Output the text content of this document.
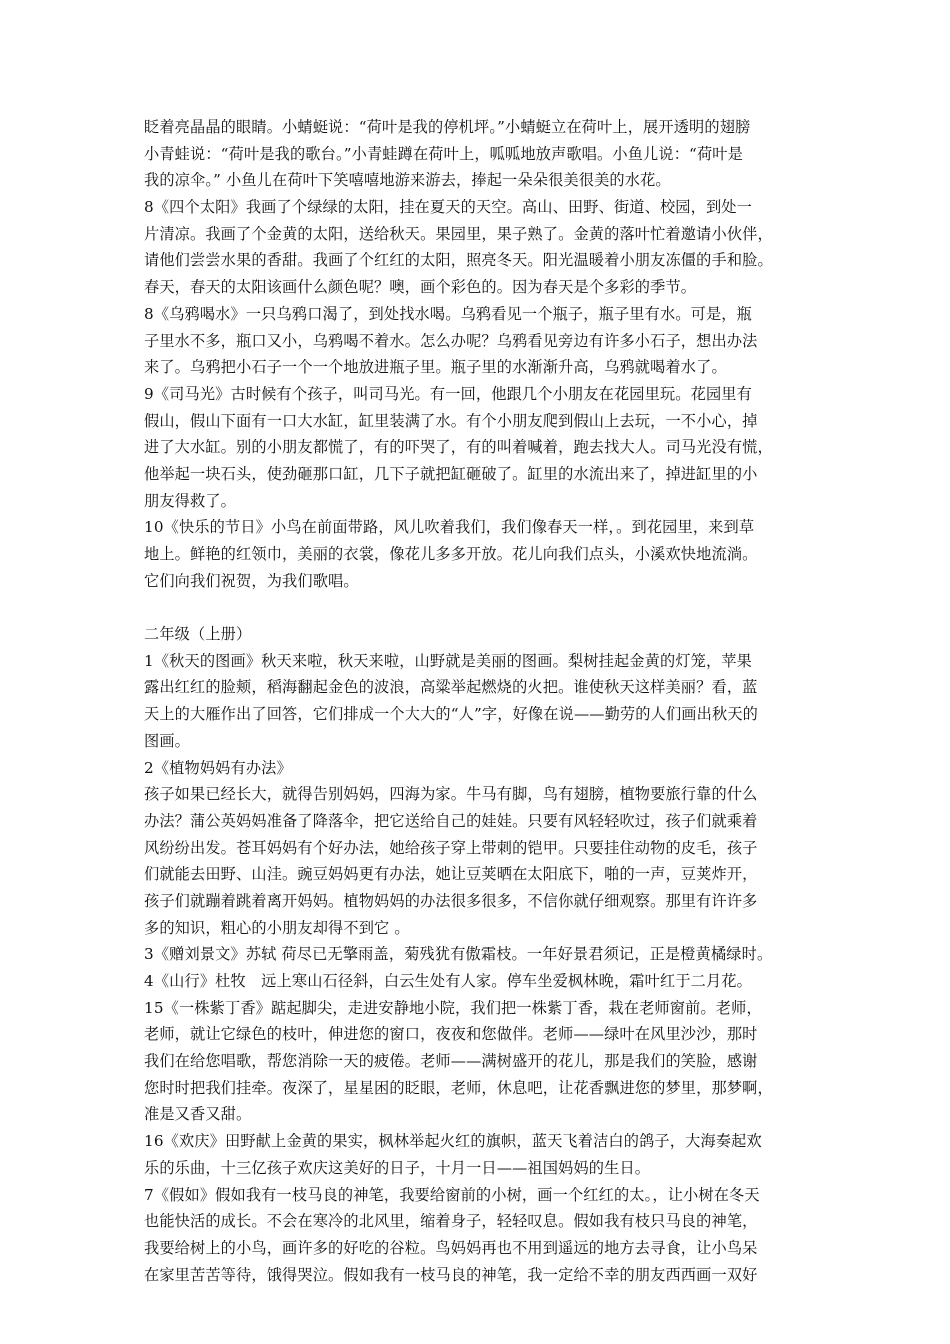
眨着亮晶晶的眼睛。小蜻蜓说：“荷叶是我的停机坪。”小蜻蜓立在荷叶上，展开透明的翅膀
小青蛙说：“荷叶是我的歌台。”小青蛙蹲在荷叶上，呱呱地放声歌唱。小鱼儿说：“荷叶是
我的凉伞。” 小鱼儿在荷叶下笑嘻嘻地游来游去，捧起一朵朵很美很美的水花。
8《四个太阳》我画了个绿绿的太阳，挂在夏天的天空。高山、田野、街道、校园，到处一
片清凉。我画了个金黄的太阳，送给秋天。果园里，果子熟了。金黄的落叶忙着邀请小伙伴，
请他们尝尝水果的香甜。我画了个红红的太阳，照亮冬天。阳光温暖着小朋友冻僵的手和脸。
春天，春天的太阳该画什么颜色呢？噢，画个彩色的。因为春天是个多彩的季节。
8《乌鸦喝水》一只乌鸦口渴了，到处找水喝。乌鸦看见一个瓶子，瓶子里有水。可是，瓶
子里水不多，瓶口又小，乌鸦喝不着水。怎么办呢？乌鸦看见旁边有许多小石子，想出办法
来了。乌鸦把小石子一个一个地放进瓶子里。瓶子里的水渐渐升高，乌鸦就喝着水了。
9《司马光》古时候有个孩子，叫司马光。有一回，他跟几个小朋友在花园里玩。花园里有
假山，假山下面有一口大水缸，缸里装满了水。有个小朋友爬到假山上去玩，一不小心，掉
进了大水缸。别的小朋友都慌了，有的吓哭了，有的叫着喊着，跑去找大人。司马光没有慌，
他举起一块石头，使劲砸那口缸，几下子就把缸砸破了。缸里的水流出来了，掉进缸里的小
朋友得救了。
10《快乐的节日》小鸟在前面带路，风儿吹着我们，我们像春天一样，。到花园里，来到草
地上。鲜艳的红领巾，美丽的衣裳，像花儿多多开放。花儿向我们点头，小溪欢快地流淌。
它们向我们祝贺，为我们歌唱。
二年级（上册）
1《秋天的图画》秋天来啦，秋天来啦，山野就是美丽的图画。梨树挂起金黄的灯笼，苹果
露出红红的脸颊，稻海翻起金色的波浪，高粱举起燃烧的火把。谁使秋天这样美丽？看，蓝
天上的大雁作出了回答，它们排成一个大大的“人”字，好像在说——勤劳的人们画出秋天的
图画。
2《植物妈妈有办法》
孩子如果已经长大，就得告别妈妈，四海为家。牛马有脚，鸟有翅膀，植物要旅行靠的什么
办法？蒲公英妈妈准备了降落伞，把它送给自己的娃娃。只要有风轻轻吹过，孩子们就乘着
风纷纷出发。苍耳妈妈有个好办法，她给孩子穿上带刺的铠甲。只要挂住动物的皮毛，孩子
们就能去田野、山洼。豌豆妈妈更有办法，她让豆荚晒在太阳底下，啪的一声，豆荚炸开，
孩子们就蹦着跳着离开妈妈。植物妈妈的办法很多很多，不信你就仔细观察。那里有许许多
多的知识，粗心的小朋友却得不到它 。
3《赠刘景文》苏轼 荷尽已无擎雨盖，菊残犹有傲霜枝。一年好景君须记，正是橙黄橘绿时。
4《山行》杜牧　远上寒山石径斜，白云生处有人家。停车坐爱枫林晚，霜叶红于二月花。
15《一株紫丁香》踮起脚尖，走进安静地小院，我们把一株紫丁香，栽在老师窗前。老师，
老师，就让它绿色的枝叶，伸进您的窗口，夜夜和您做伴。老师——绿叶在风里沙沙，那时
我们在给您唱歌，帮您消除一天的疲倦。老师——满树盛开的花儿，那是我们的笑脸，感谢
您时时把我们挂牵。夜深了，星星困的眨眼，老师，休息吧，让花香飘进您的梦里，那梦啊，
准是又香又甜。
16《欢庆》田野献上金黄的果实，枫林举起火红的旗帜，蓝天飞着洁白的鸽子，大海奏起欢
乐的乐曲，十三亿孩子欢庆这美好的日子，十月一日——祖国妈妈的生日。
7《假如》假如我有一枝马良的神笔，我要给窗前的小树，画一个红红的太。，让小树在冬天
也能快活的成长。不会在寒冷的北风里，缩着身子，轻轻叹息。假如我有枝只马良的神笔，
我要给树上的小鸟，画许多的好吃的谷粒。鸟妈妈再也不用到遥远的地方去寻食，让小鸟呆
在家里苦苦等待，饿得哭泣。假如我有一枝马良的神笔，我一定给不幸的朋友西西画一双好
